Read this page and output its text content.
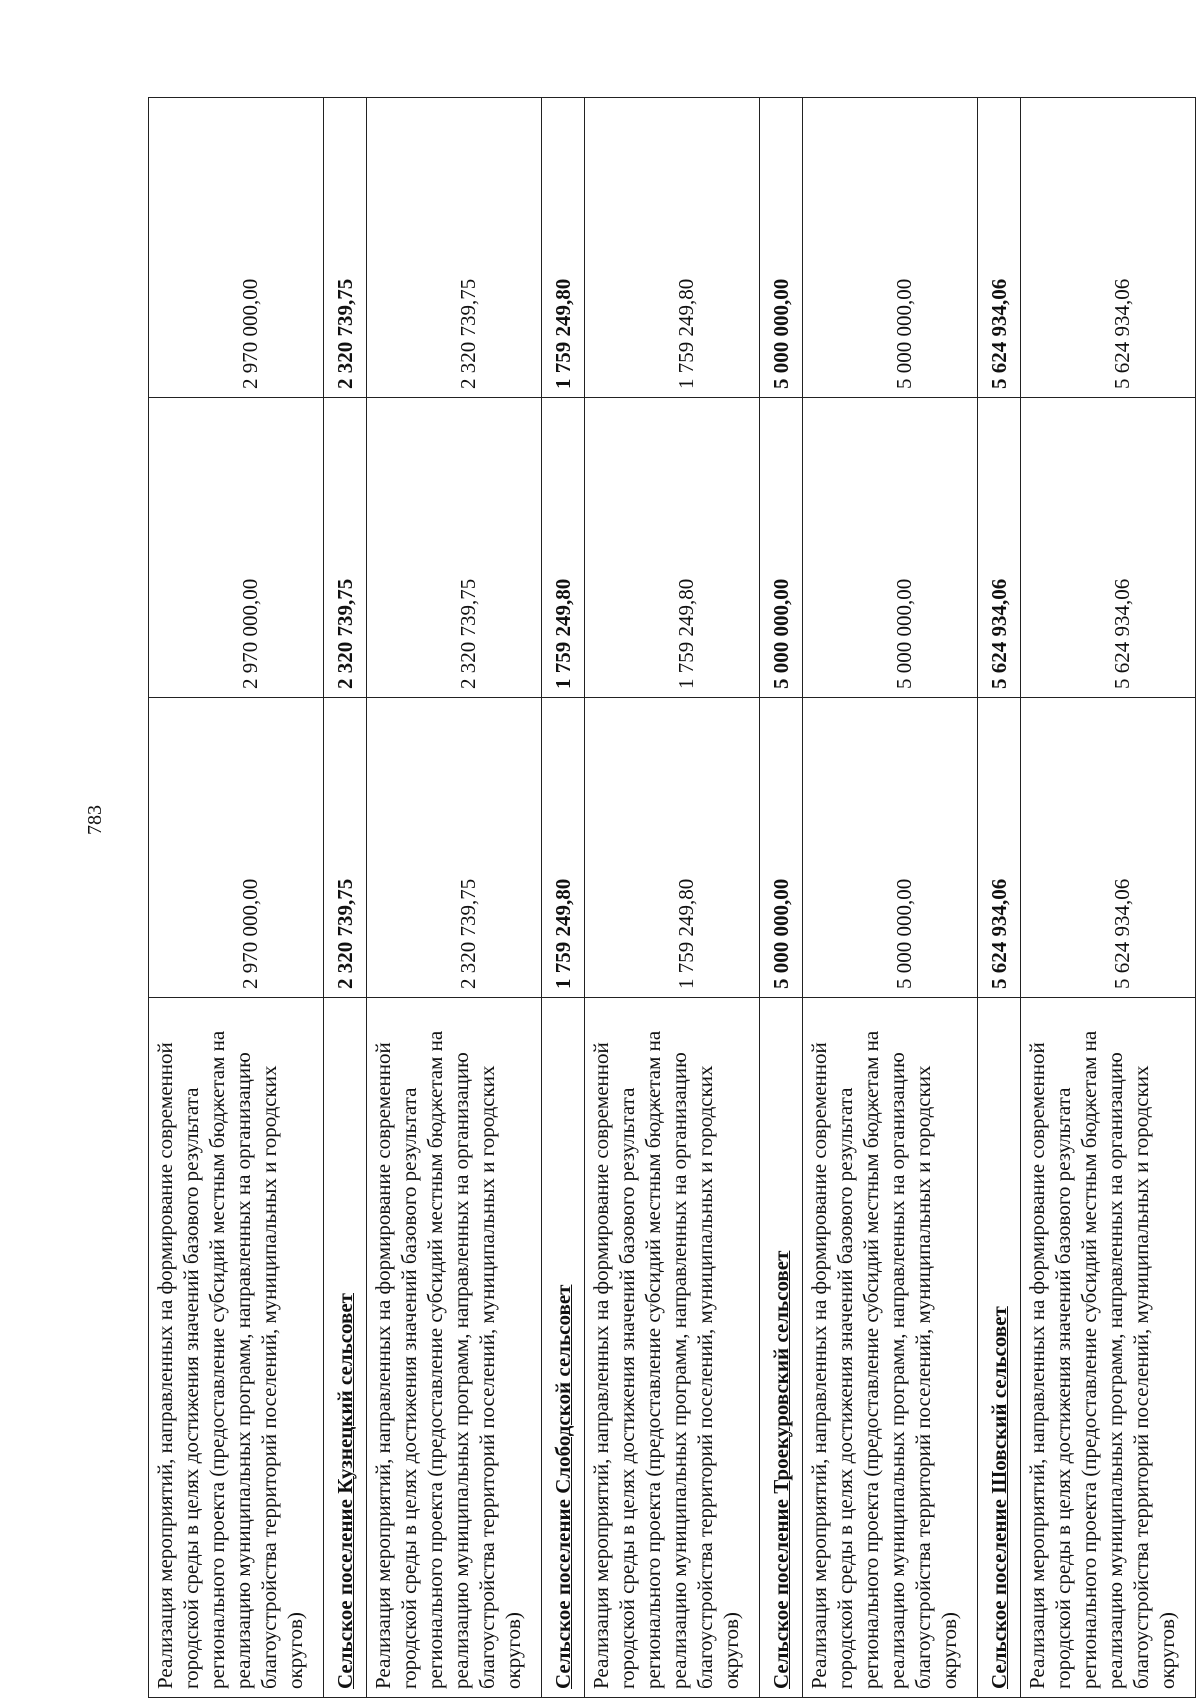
783
Реализация мероприятий, направленных на формирование современной городской среды в целях достижения значений базового результата регионального проекта (предоставление субсидий местным бюджетам на реализацию муниципальных программ, направленных на организацию благоустройства территорий поселений, муниципальных и городских округов)	2 970 000,00	2 970 000,00	2 970 000,00
Сельское поселение Кузнецкий сельсовет	2 320 739,75	2 320 739,75	2 320 739,75
Реализация мероприятий, направленных на формирование современной городской среды в целях достижения значений базового результата регионального проекта (предоставление субсидий местным бюджетам на реализацию муниципальных программ, направленных на организацию благоустройства территорий поселений, муниципальных и городских округов)	2 320 739,75	2 320 739,75	2 320 739,75
Сельское поселение Слободской сельсовет	1 759 249,80	1 759 249,80	1 759 249,80
Реализация мероприятий, направленных на формирование современной городской среды в целях достижения значений базового результата регионального проекта (предоставление субсидий местным бюджетам на реализацию муниципальных программ, направленных на организацию благоустройства территорий поселений, муниципальных и городских округов)	1 759 249,80	1 759 249,80	1 759 249,80
Сельское поселение Троекуровский сельсовет	5 000 000,00	5 000 000,00	5 000 000,00
Реализация мероприятий, направленных на формирование современной городской среды в целях достижения значений базового результата регионального проекта (предоставление субсидий местным бюджетам на реализацию муниципальных программ, направленных на организацию благоустройства территорий поселений, муниципальных и городских округов)	5 000 000,00	5 000 000,00	5 000 000,00
Сельское поселение Шовский сельсовет	5 624 934,06	5 624 934,06	5 624 934,06
Реализация мероприятий, направленных на формирование современной городской среды в целях достижения значений базового результата регионального проекта (предоставление субсидий местным бюджетам на реализацию муниципальных программ, направленных на организацию благоустройства территорий поселений, муниципальных и городских округов)	5 624 934,06	5 624 934,06	5 624 934,06
